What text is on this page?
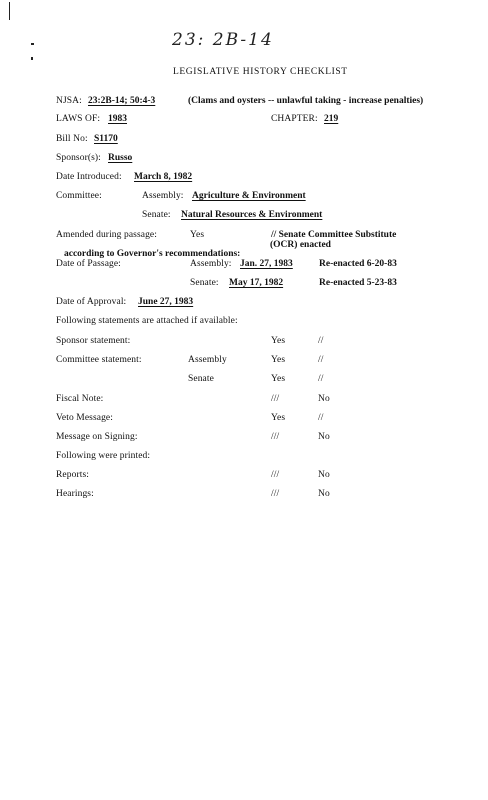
23: 2B-14
LEGISLATIVE HISTORY CHECKLIST
NJSA: 23:2B-14; 50:4-3	(Clams and oysters -- unlawful taking - increase penalties)
LAWS OF: 1983	CHAPTER: 219
Bill No: S1170
Sponsor(s): Russo
Date Introduced: March 8, 1982
Committee:	Assembly: Agriculture & Environment
Senate: Natural Resources & Environment
Amended during passage:	Yes	// Senate Committee Substitute
(OCR) enacted
according to Governor's recommendations:
Date of Passage:	Assembly: Jan. 27, 1983	Re-enacted 6-20-83
Senate: May 17, 1982	Re-enacted 5-23-83
Date of Approval: June 27, 1983
Following statements are attached if available:
Sponsor statement:	Yes	//
Committee statement:	Assembly	Yes	//
Senate	Yes	//
Fiscal Note:	///	No
Veto Message:	Yes	//
Message on Signing:	///	No
Following were printed:
Reports:	///	No
Hearings:	///	No
